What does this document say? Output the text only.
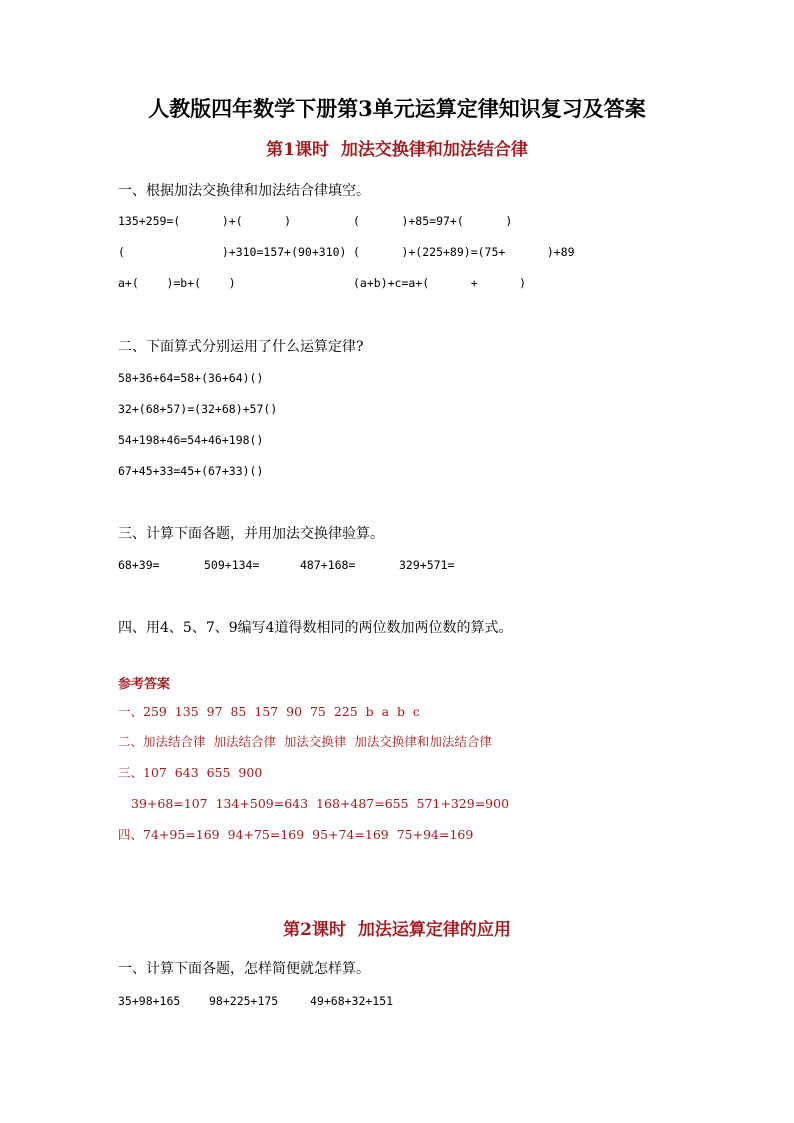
人教版四年数学下册第3单元运算定律知识复习及答案
第1课时  加法交换律和加法结合律
一、根据加法交换律和加法结合律填空。
135+259=(      )+(      )	(      )+85=97+(      )
(              )+310=157+(90+310) (      )+(225+89)=(75+      )+89
a+(    )=b+(    )	(a+b)+c=a+(      +      )
二、下面算式分别运用了什么运算定律?
58+36+64=58+(36+64)()
32+(68+57)=(32+68)+57()
54+198+46=54+46+198()
67+45+33=45+(67+33)()
三、计算下面各题，并用加法交换律验算。
68+39=	509+134=	487+168=	329+571=
四、用4、5、7、9编写4道得数相同的两位数加两位数的算式。
参考答案
一、259  135  97  85  157  90  75  225  b  a  b  c
二、加法结合律  加法结合律  加法交换律  加法交换律和加法结合律
三、107  643  655  900
39+68=107  134+509=643  168+487=655  571+329=900
四、74+95=169  94+75=169  95+74=169  75+94=169
第2课时  加法运算定律的应用
一、计算下面各题，怎样简便就怎样算。
35+98+165 98+225+175	49+68+32+151
